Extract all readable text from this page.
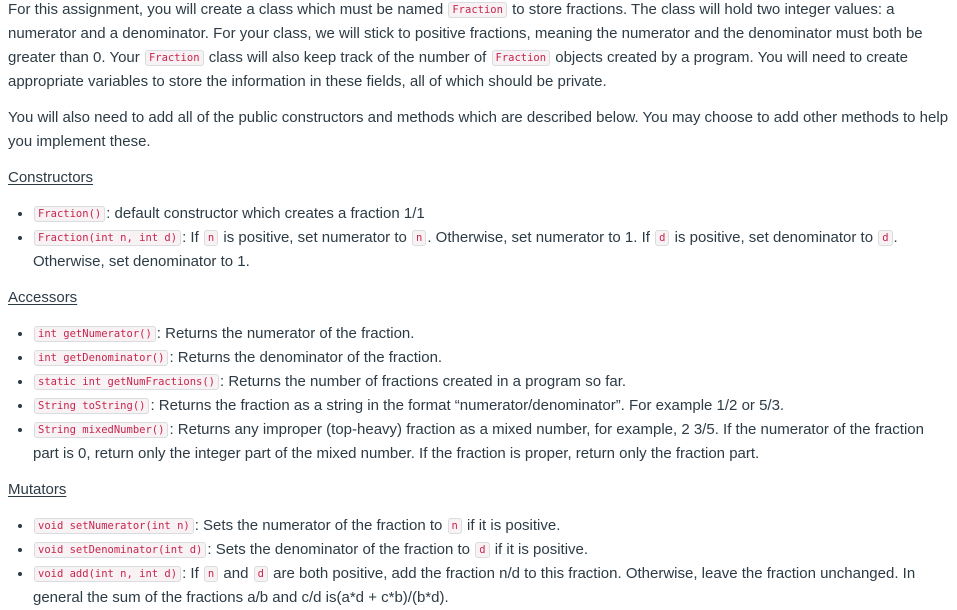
For this assignment, you will create a class which must be named Fraction to store fractions. The class will hold two integer values: a numerator and a denominator. For your class, we will stick to positive fractions, meaning the numerator and the denominator must both be greater than 0. Your Fraction class will also keep track of the number of Fraction objects created by a program. You will need to create appropriate variables to store the information in these fields, all of which should be private.

You will also need to add all of the public constructors and methods which are described below. You may choose to add other methods to help you implement these.

Constructors

• Fraction() : default constructor which creates a fraction 1/1
• Fraction(int n, int d) : If n is positive, set numerator to n . Otherwise, set numerator to 1. If d is positive, set denominator to d . Otherwise, set denominator to 1.

Accessors

• int getNumerator() : Returns the numerator of the fraction.
• int getDenominator() : Returns the denominator of the fraction.
• static int getNumFractions() : Returns the number of fractions created in a program so far.
• String toString() : Returns the fraction as a string in the format “numerator/denominator”. For example 1/2 or 5/3.
• String mixedNumber() : Returns any improper (top-heavy) fraction as a mixed number, for example, 2 3/5. If the numerator of the fraction part is 0, return only the integer part of the mixed number. If the fraction is proper, return only the fraction part.

Mutators

• void setNumerator(int n) : Sets the numerator of the fraction to n if it is positive.
• void setDenominator(int d) : Sets the denominator of the fraction to d if it is positive.
• void add(int n, int d) : If n and d are both positive, add the fraction n/d to this fraction. Otherwise, leave the fraction unchanged. In general the sum of the fractions a/b and c/d is(a*d + c*b)/(b*d).
